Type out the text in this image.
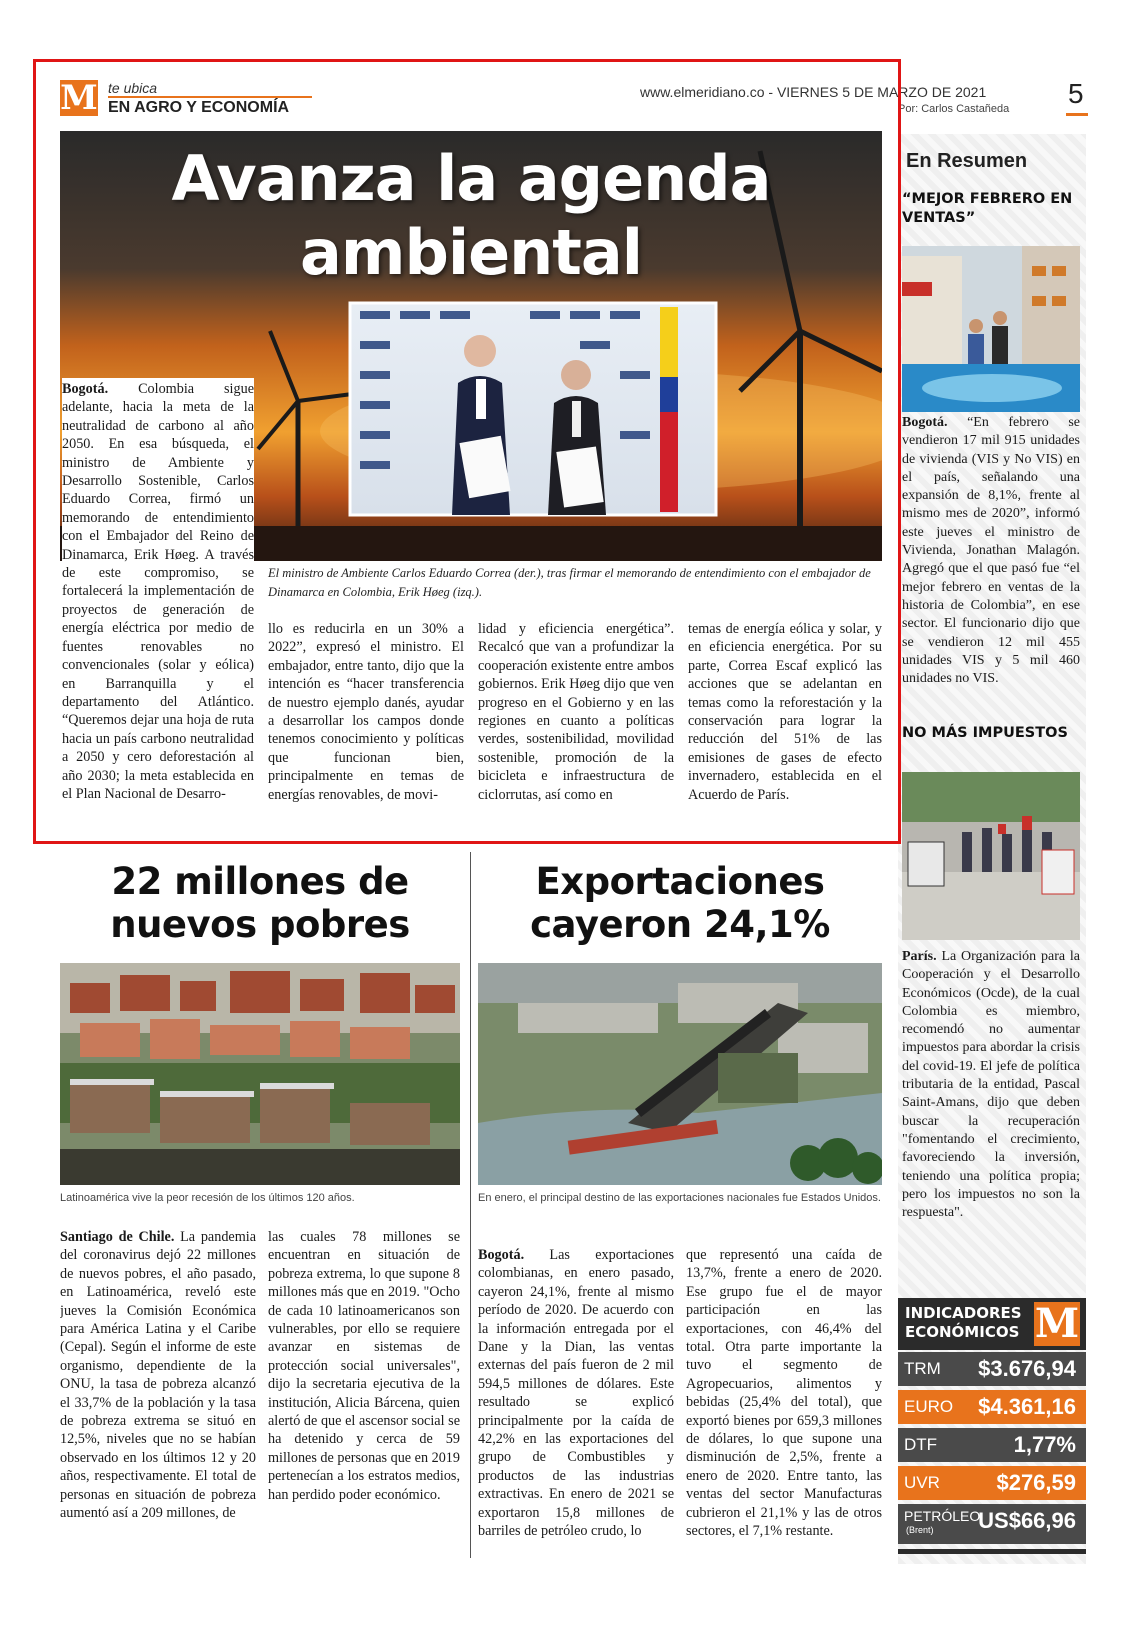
M te ubica
EN AGRO Y ECONOMÍA
www.elmeridiano.co - VIERNES 5 DE MARZO DE 2021
Por: Carlos Castañeda 5
Avanza la agenda
ambiental
El ministro de Ambiente Carlos Eduardo Correa (der.), tras firmar el memorando de entendimiento con el embajador de Dinamarca en Colombia, Erik Høeg (izq.).
Bogotá. Colombia sigue adelante, hacia la meta de la neutralidad de carbono al año 2050. En esa búsqueda, el ministro de Ambiente y Desarrollo Sostenible, Carlos Eduardo Correa, firmó un memorando de entendimiento con el Embajador del Reino de Dinamarca, Erik Høeg. A través de este compromiso, se fortalecerá la implementación de proyectos de generación de energía eléctrica por medio de fuentes renovables no convencionales (solar y eólica) en Barranquilla y el departamento del Atlántico. “Queremos dejar una hoja de ruta hacia un país carbono neutralidad a 2050 y cero deforestación al año 2030; la meta establecida en el Plan Nacional de Desarro-
llo es reducirla en un 30% a 2022”, expresó el ministro. El embajador, entre tanto, dijo que la intención es “hacer transferencia de nuestro ejemplo danés, ayudar a desarrollar los campos donde tenemos conocimiento y políticas que funcionan bien, principalmente en temas de energías renovables, de movi-
lidad y eficiencia energética”. Recalcó que van a profundizar la cooperación existente entre ambos gobiernos. Erik Høeg dijo que ven progreso en el Gobierno y en las regiones en cuanto a políticas verdes, sostenibilidad, movilidad sostenible, promoción de la bicicleta e infraestructura de ciclorrutas, así como en
temas de energía eólica y solar, y en eficiencia energética. Por su parte, Correa Escaf explicó las acciones que se adelantan en temas como la reforestación y la conservación para lograr la reducción del 51% de las emisiones de gases de efecto invernadero, establecida en el Acuerdo de París.
22 millones de
nuevos pobres
Exportaciones
cayeron 24,1%
Latinoamérica vive la peor recesión de los últimos 120 años.	En enero, el principal destino de las exportaciones nacionales fue Estados Unidos.
Santiago de Chile. La pandemia del coronavirus dejó 22 millones de nuevos pobres, el año pasado, en Latinoamérica, reveló este jueves la Comisión Económica para América Latina y el Caribe (Cepal). Según el informe de este organismo, dependiente de la ONU, la tasa de pobreza alcanzó el 33,7% de la población y la tasa de pobreza extrema se situó en 12,5%, niveles que no se habían observado en los últimos 12 y 20 años, respectivamente. El total de personas en situación de pobreza aumentó así a 209 millones, de
las cuales 78 millones se encuentran en situación de pobreza extrema, lo que supone 8 millones más que en 2019. "Ocho de cada 10 latinoamericanos son vulnerables, por ello se requiere avanzar en sistemas de protección social universales", dijo la secretaria ejecutiva de la institución, Alicia Bárcena, quien alertó de que el ascensor social se ha detenido y cerca de 59 millones de personas que en 2019 pertenecían a los estratos medios, han perdido poder económico.
Bogotá. Las exportaciones colombianas, en enero pasado, cayeron 24,1%, frente al mismo período de 2020. De acuerdo con la información entregada por el Dane y la Dian, las ventas externas del país fueron de 2 mil 594,5 millones de dólares. Este resultado se explicó principalmente por la caída de 42,2% en las exportaciones del grupo de Combustibles y productos de las industrias extractivas. En enero de 2021 se exportaron 15,8 millones de barriles de petróleo crudo, lo
que representó una caída de 13,7%, frente a enero de 2020. Ese grupo fue el de mayor participación en las exportaciones, con 46,4% del total. Otra parte importante la tuvo el segmento de Agropecuarios, alimentos y bebidas (25,4% del total), que exportó bienes por 659,3 millones de dólares, lo que supone una disminución de 2,5%, frente a enero de 2020. Entre tanto, las ventas del sector Manufacturas cubrieron el 21,1% y las de otros sectores, el 7,1% restante.
En Resumen
“MEJOR FEBRERO EN VENTAS”
Bogotá. “En febrero se vendieron 17 mil 915 unidades de vivienda (VIS y No VIS) en el país, señalando una expansión de 8,1%, frente al mismo mes de 2020”, informó este jueves el ministro de Vivienda, Jonathan Malagón. Agregó que el que pasó fue “el mejor febrero en ventas de la historia de Colombia”, en ese sector. El funcionario dijo que se vendieron 12 mil 455 unidades VIS y 5 mil 460 unidades no VIS.
NO MÁS IMPUESTOS
París. La Organización para la Cooperación y el Desarrollo Económicos (Ocde), de la cual Colombia es miembro, recomendó no aumentar impuestos para abordar la crisis del covid-19. El jefe de política tributaria de la entidad, Pascal Saint-Amans, dijo que deben buscar la recuperación "fomentando el crecimiento, favoreciendo la inversión, teniendo una política propia; pero los impuestos no son la respuesta".
INDICADORES
ECONÓMICOS M
TRM $3.676,94
EURO $4.361,16
DTF	1,77%
UVR	$276,59
PETRÓLEO
(Brent) US$66,96
